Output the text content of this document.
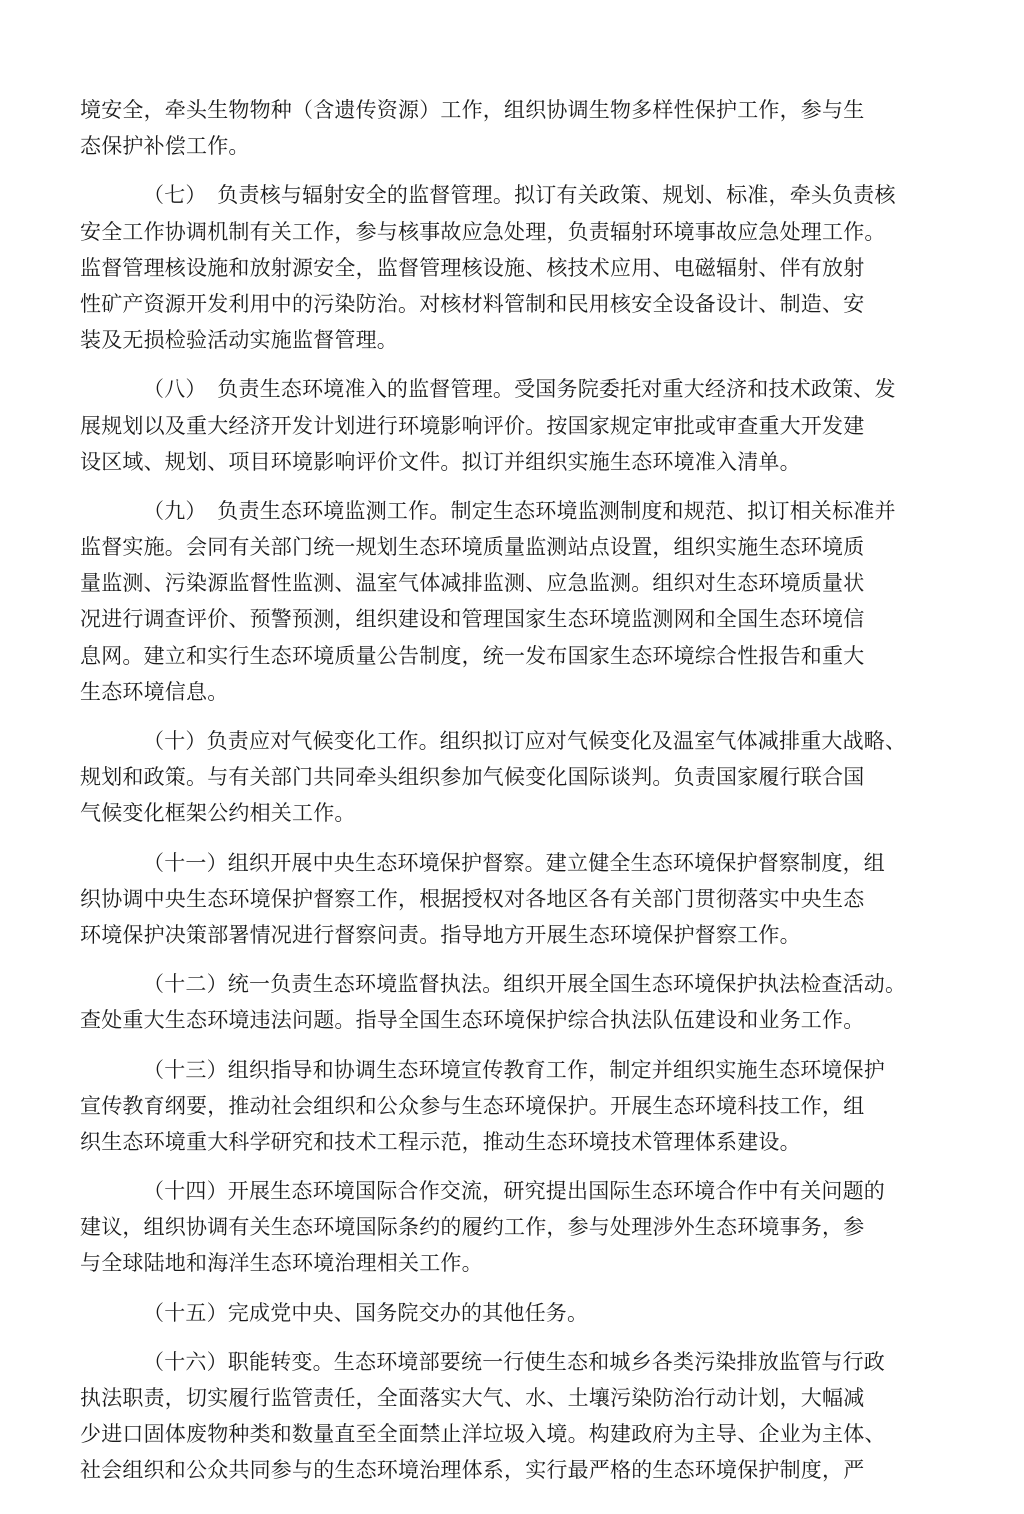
境安全，牵头生物物种（含遗传资源）工作，组织协调生物多样性保护工作，参与生
态保护补偿工作。
（七）　负责核与辐射安全的监督管理。拟订有关政策、规划、标准，牵头负责核
安全工作协调机制有关工作，参与核事故应急处理，负责辐射环境事故应急处理工作。
监督管理核设施和放射源安全，监督管理核设施、核技术应用、电磁辐射、伴有放射
性矿产资源开发利用中的污染防治。对核材料管制和民用核安全设备设计、制造、安
装及无损检验活动实施监督管理。
（八）　负责生态环境准入的监督管理。受国务院委托对重大经济和技术政策、发
展规划以及重大经济开发计划进行环境影响评价。按国家规定审批或审查重大开发建
设区域、规划、项目环境影响评价文件。拟订并组织实施生态环境准入清单。
（九）　负责生态环境监测工作。制定生态环境监测制度和规范、拟订相关标准并
监督实施。会同有关部门统一规划生态环境质量监测站点设置，组织实施生态环境质
量监测、污染源监督性监测、温室气体减排监测、应急监测。组织对生态环境质量状
况进行调查评价、预警预测，组织建设和管理国家生态环境监测网和全国生态环境信
息网。建立和实行生态环境质量公告制度，统一发布国家生态环境综合性报告和重大
生态环境信息。
（十）负责应对气候变化工作。组织拟订应对气候变化及温室气体减排重大战略、
规划和政策。与有关部门共同牵头组织参加气候变化国际谈判。负责国家履行联合国
气候变化框架公约相关工作。
（十一）组织开展中央生态环境保护督察。建立健全生态环境保护督察制度，组
织协调中央生态环境保护督察工作，根据授权对各地区各有关部门贯彻落实中央生态
环境保护决策部署情况进行督察问责。指导地方开展生态环境保护督察工作。
（十二）统一负责生态环境监督执法。组织开展全国生态环境保护执法检查活动。
查处重大生态环境违法问题。指导全国生态环境保护综合执法队伍建设和业务工作。
（十三）组织指导和协调生态环境宣传教育工作，制定并组织实施生态环境保护
宣传教育纲要，推动社会组织和公众参与生态环境保护。开展生态环境科技工作，组
织生态环境重大科学研究和技术工程示范，推动生态环境技术管理体系建设。
（十四）开展生态环境国际合作交流，研究提出国际生态环境合作中有关问题的
建议，组织协调有关生态环境国际条约的履约工作，参与处理涉外生态环境事务，参
与全球陆地和海洋生态环境治理相关工作。
（十五）完成党中央、国务院交办的其他任务。
（十六）职能转变。生态环境部要统一行使生态和城乡各类污染排放监管与行政
执法职责，切实履行监管责任，全面落实大气、水、土壤污染防治行动计划，大幅减
少进口固体废物种类和数量直至全面禁止洋垃圾入境。构建政府为主导、企业为主体、
社会组织和公众共同参与的生态环境治理体系，实行最严格的生态环境保护制度，严
